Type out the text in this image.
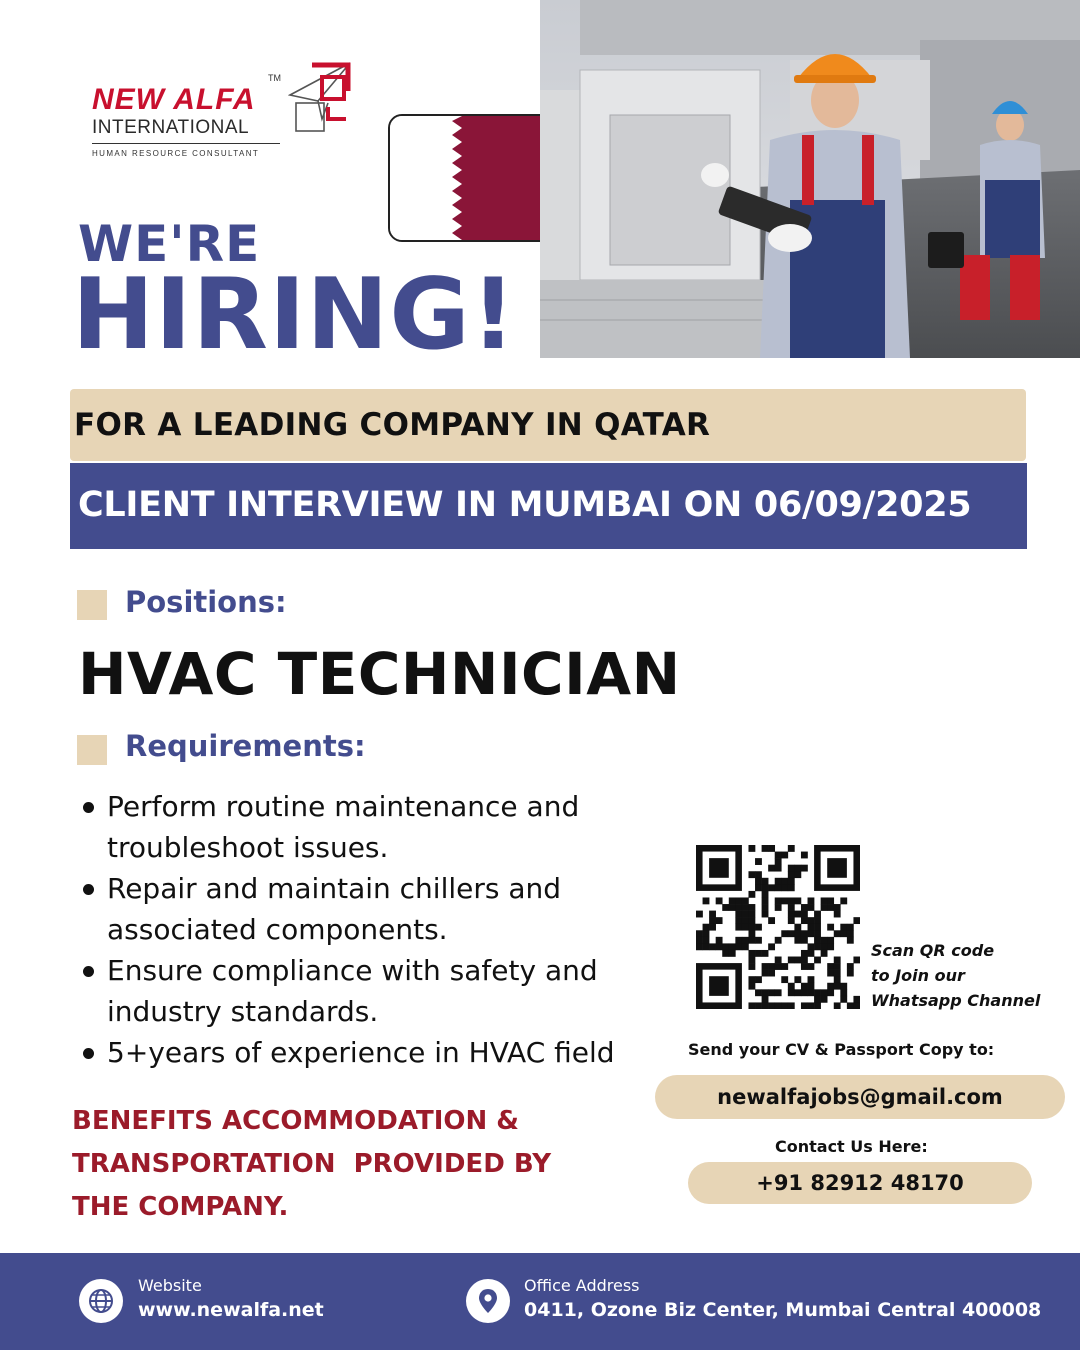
NEW ALFA
TM
INTERNATIONAL
HUMAN RESOURCE CONSULTANT
WE'RE
HIRING!
FOR A LEADING COMPANY IN QATAR
CLIENT INTERVIEW IN MUMBAI ON 06/09/2025
Positions:
HVAC TECHNICIAN
Requirements:
Perform routine maintenance and troubleshoot issues.
Repair and maintain chillers and associated components.
Ensure compliance with safety and industry standards.
5+years of experience in HVAC field
BENEFITS ACCOMMODATION &
TRANSPORTATION  PROVIDED BY
THE COMPANY.
Scan QR code
to Join our
Whatsapp Channel
Send your CV & Passport Copy to:
newalfajobs@gmail.com
Contact Us Here:
+91 82912 48170
Website
www.newalfa.net
Office Address
0411, Ozone Biz Center, Mumbai Central 400008
